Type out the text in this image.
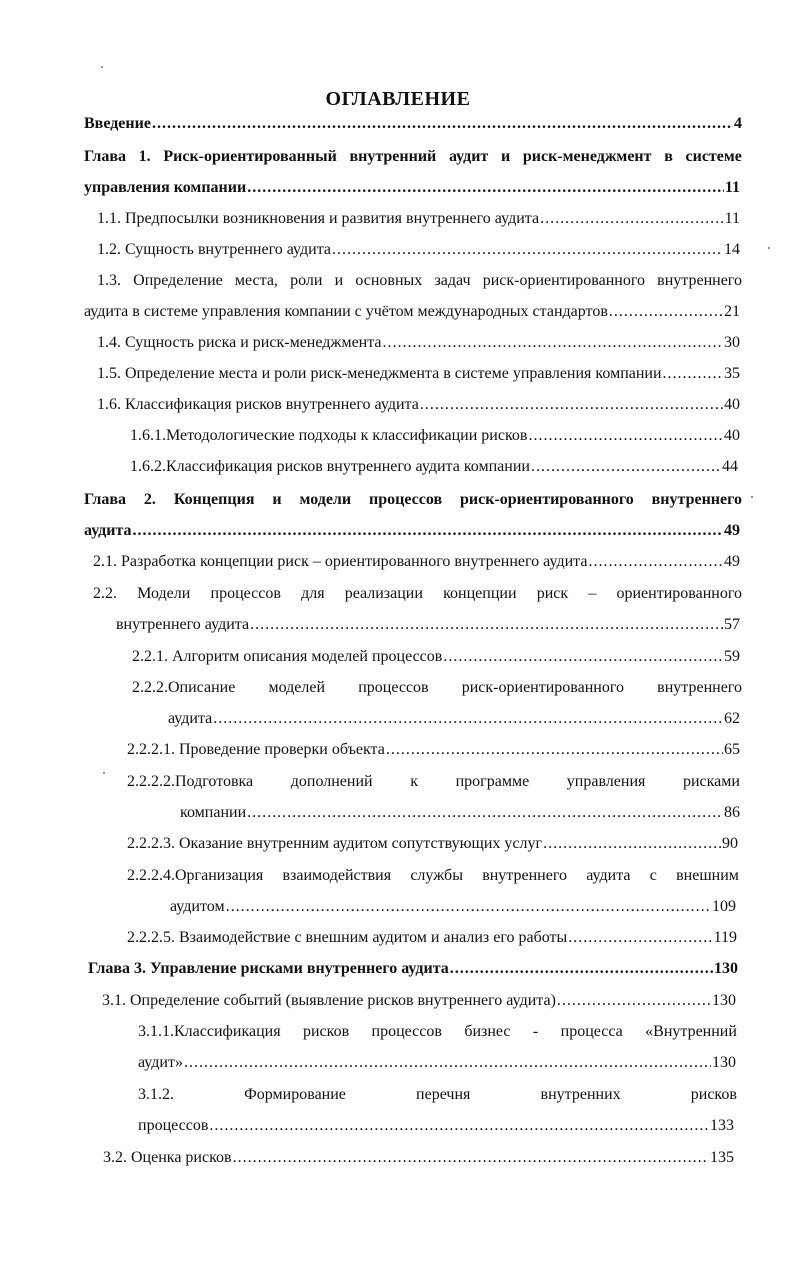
ОГЛАВЛЕНИЕ
Введение .....	4
Глава 1. Риск-ориентированный внутренний аудит и риск-менеджмент в системе
управления компании .....	11
1.1. Предпосылки возникновения и развития внутреннего аудита .....	11
1.2. Сущность внутреннего аудита .....	14
1.3. Определение места, роли и основных задач риск-ориентированного внутреннего
аудита в системе управления компании с учётом международных стандартов .....	21
1.4. Сущность риска и риск-менеджмента .....	30
1.5. Определение места и роли риск-менеджмента в системе управления компании .....	35
1.6. Классификация рисков внутреннего аудита .....	40
1.6.1.Методологические подходы к классификации рисков .....	40
1.6.2.Классификация рисков внутреннего аудита компании .....	44
Глава 2. Концепция и модели процессов риск-ориентированного внутреннего
аудита .....	49
2.1. Разработка концепции риск – ориентированного внутреннего аудита .....	49
2.2. Модели процессов для реализации концепции риск – ориентированного
внутреннего аудита .....	57
2.2.1. Алгоритм описания моделей процессов .....	59
2.2.2.Описание моделей процессов риск-ориентированного внутреннего
аудита .....	62
2.2.2.1. Проведение проверки объекта .....	65
2.2.2.2.Подготовка дополнений к программе управления рисками
компании .....	86
2.2.2.3. Оказание внутренним аудитом сопутствующих услуг .....	90
2.2.2.4.Организация взаимодействия службы внутреннего аудита с внешним
аудитом .....	109
2.2.2.5. Взаимодействие с внешним аудитом и анализ его работы .....	119
Глава 3. Управление рисками внутреннего аудита .....	130
3.1. Определение событий (выявление рисков внутреннего аудита) .....	130
3.1.1.Классификация рисков процессов бизнес - процесса «Внутренний
аудит» .....	130
3.1.2.	Формирование	перечня	внутренних	рисков
процессов .....	133
3.2. Оценка рисков .....	135
